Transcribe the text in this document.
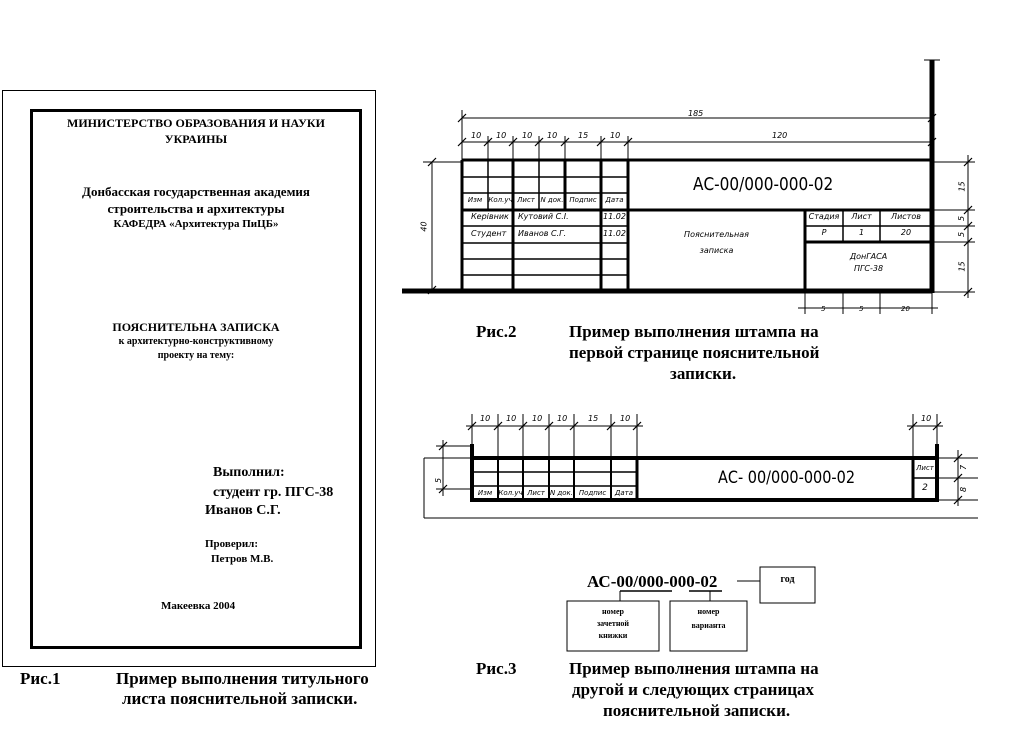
МИНИСТЕРСТВО ОБРАЗОВАНИЯ И НАУКИ
УКРАИНЫ
Донбасская государственная академия
строительства и архитектуры
КАФЕДРА «Архитектура ПиЦБ»
ПОЯСНИТЕЛЬНА ЗАПИСКА
к архитектурно-конструктивному
проекту на тему:
Выполнил:
студент гр. ПГС-38
Иванов С.Г.
Проверил:
Петров М.В.
Макеевка 2004
Рис.1	Пример выполнения титульного
листа пояснительной записки.
185
10 10 10 10	15	10	120
40
15
5
5
15
5	5	20
Изм Кол.уч Лист N док. Подпис	Дата
Керівник Кутовий С.І.	11.02
Студент Иванов С.Г.	11.02
АС-00/000-000-02
Пояснительная
записка
Стадия	Лист	Листов
Р	1	20
ДонГАСА
ПГС-38
Рис.2	Пример выполнения штампа на
первой странице пояснительной
записки.
10 10 10 10	15	10	10
5
7
8
Изм Кол.уч Лист N док. Подпис	Дата
АС- 00/000-000-02	Лист
2
АС-00/000-000-02	год
номер
зачетной
книжки
номер
варианта
Рис.3	Пример выполнения штампа на
другой и следующих страницах
пояснительной записки.
